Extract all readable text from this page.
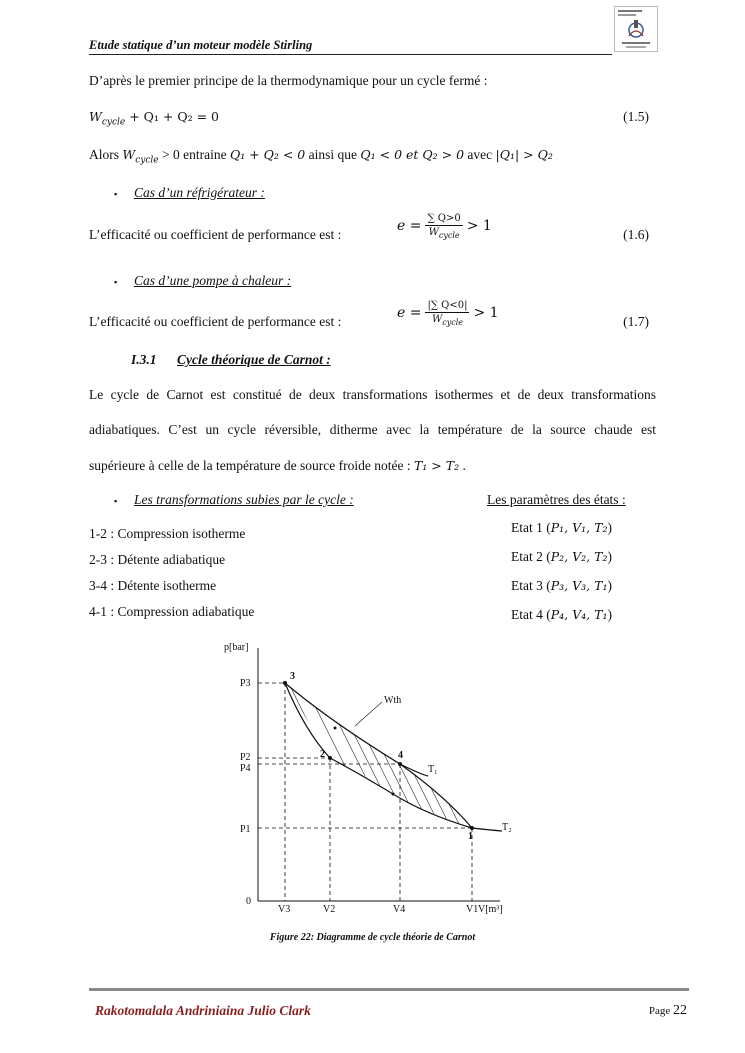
Etude statique d’un moteur modèle Stirling
D’après le premier principe de la thermodynamique pour un cycle fermé :
$W_{cycle} + Q_1 + Q_2 = 0$	(1.5)
Alors $W_{cycle} > 0$ entraine Q₁ + Q₂ < 0 ainsi que Q₁ < 0 et Q₂ > 0 avec |Q₁| > Q₂
▪ Cas d’un réfrigérateur :
L’efficacité ou coefficient de performance est :
$e = \frac{\sum Q>0}{W_{cycle}} > 1$
(1.6)
▪ Cas d’une pompe à chaleur :
L’efficacité ou coefficient de performance est :
$e = \frac{|\sum Q<0|}{W_{cycle}} > 1$
(1.7)
I.3.1 Cycle théorique de Carnot :
Le cycle de Carnot est constitué de deux transformations isothermes et de deux transformations
adiabatiques. C’est un cycle réversible, ditherme avec la température de la source chaude est
supérieure à celle de la température de source froide notée : T₁ > T₂ .
▪ Les transformations subies par le cycle :	Les paramètres des états :
1-2 : Compression isotherme
2-3 : Détente adiabatique
3-4 : Détente isotherme
4-1 : Compression adiabatique
Etat 1 (P₁, V₁, T₂)
Etat 2 (P₂, V₂, T₂)
Etat 3 (P₃, V₃, T₁)
Etat 4 (P₄, V₄, T₁)
p[bar]
V[m³]
0
Wth
T₁
T₂
3
2	4
1
P3
P2
P4
P1
V3	V2	V4	V1
Figure 22: Diagramme de cycle théorie de Carnot
Rakotomalala Andriniaina Julio Clark	Page 22
